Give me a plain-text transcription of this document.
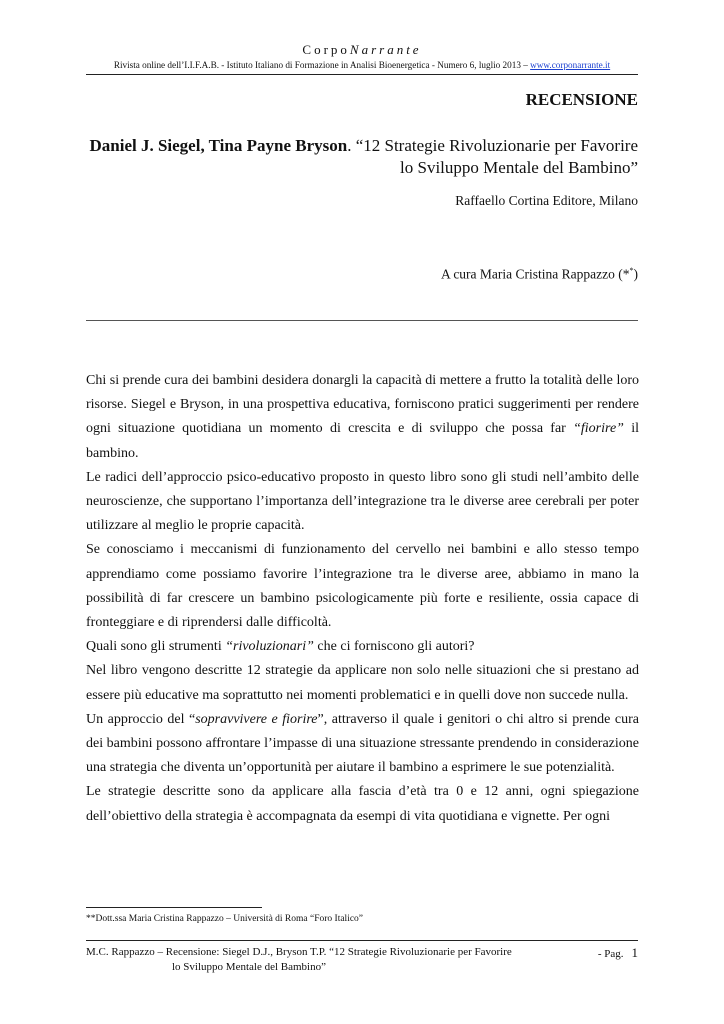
CorpoNarrante
Rivista online dell’I.I.F.A.B. - Istituto Italiano di Formazione in Analisi Bioenergetica - Numero 6, luglio 2013 – www.corponarrante.it
RECENSIONE
Daniel J. Siegel, Tina Payne Bryson. “12 Strategie Rivoluzionarie per Favorire
lo Sviluppo Mentale del Bambino”
Raffaello Cortina Editore, Milano
A cura Maria Cristina Rappazzo (**)

Chi si prende cura dei bambini desidera donargli la capacità di mettere a frutto la totalità delle loro risorse. Siegel e Bryson, in una prospettiva educativa, forniscono pratici suggerimenti per rendere ogni situazione quotidiana un momento di crescita e di sviluppo che possa far “fiorire” il bambino.

Le radici dell’approccio psico-educativo proposto in questo libro sono gli studi nell’ambito delle neuroscienze, che supportano l’importanza dell’integrazione tra le diverse aree cerebrali per poter utilizzare al meglio le proprie capacità.

Se conosciamo i meccanismi di funzionamento del cervello nei bambini e allo stesso tempo apprendiamo come possiamo favorire l’integrazione tra le diverse aree, abbiamo in mano la possibilità di far crescere un bambino psicologicamente più forte e resiliente, ossia capace di fronteggiare e di riprendersi dalle difficoltà.

Quali sono gli strumenti “rivoluzionari” che ci forniscono gli autori?

Nel libro vengono descritte 12 strategie da applicare non solo nelle situazioni che si prestano ad essere più educative ma soprattutto nei momenti problematici e in quelli dove non succede nulla.

Un approccio del “sopravvivere e fiorire”, attraverso il quale i genitori o chi altro si prende cura dei bambini possono affrontare l’impasse di una situazione stressante prendendo in considerazione una strategia che diventa un’opportunità per aiutare il bambino a esprimere le sue potenzialità.

Le strategie descritte sono da applicare alla fascia d’età tra 0 e 12 anni, ogni spiegazione dell’obiettivo della strategia è accompagnata da esempi di vita quotidiana e vignette. Per ogni

**Dott.ssa Maria Cristina Rappazzo – Università di Roma “Foro Italico”
M.C. Rappazzo – Recensione: Siegel D.J., Bryson T.P. “12 Strategie Rivoluzionarie per Favorire
lo Sviluppo Mentale del Bambino”
- Pag. 1
